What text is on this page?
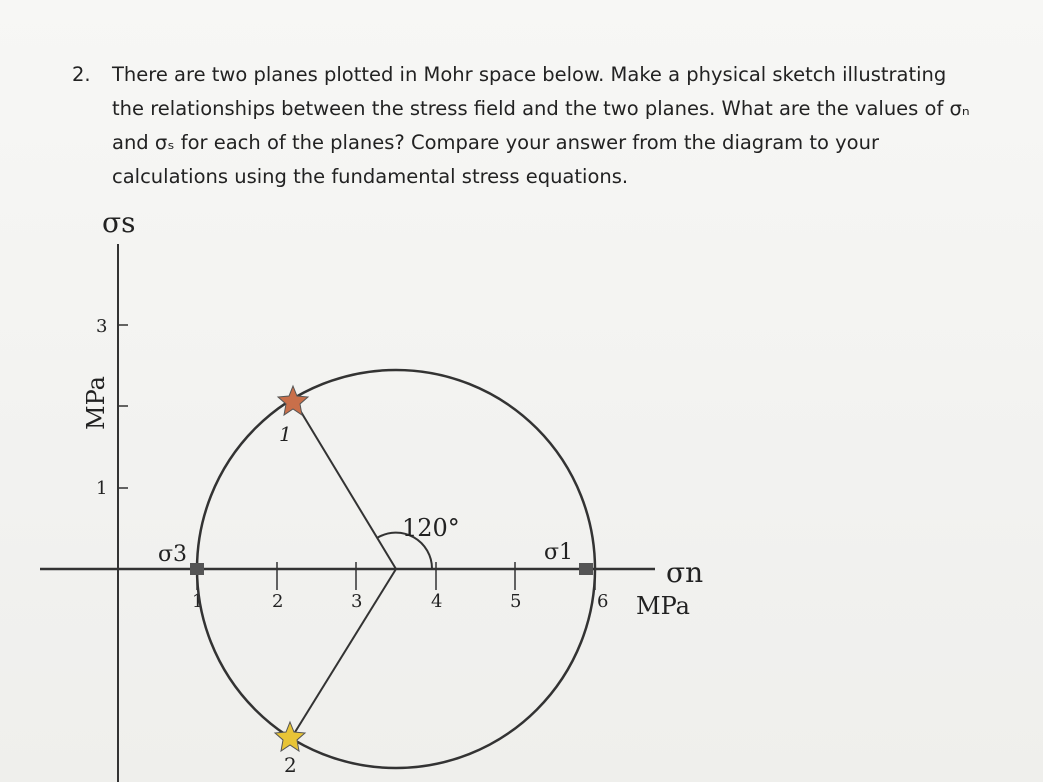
2. There are two planes plotted in Mohr space below. Make a physical sketch illustrating
the relationships between the stress field and the two planes. What are the values of σₙ
and σₛ for each of the planes? Compare your answer from the diagram to your
calculations using the fundamental stress equations.
3
1
σs
MPa
1	2	3	4	5	6
σn
MPa
σ3	σ1
120°
1
2
